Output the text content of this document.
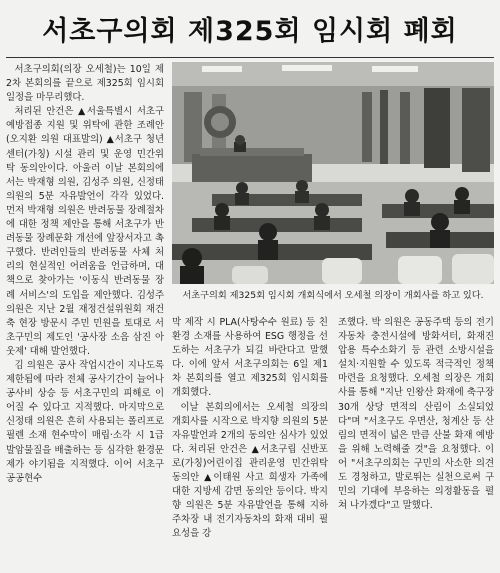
서초구의회 제325회 임시회 폐회

서초구의회(의장 오세철)는 10일 제2차 본회의를 끝으로 제325회 임시회 일정을 마무리했다.

처리된 안건은 ▲서울특별시 서초구 예방접종 지원 및 위탁에 관한 조례안(오지환 의원 대표발의) ▲서초구 청년센터(가칭) 시설 관리 및 운영 민간위탁 동의안이다. 아울러 이날 본회의에서는 박재형 의원, 김성주 의원, 신정태 의원의 5분 자유발언이 각각 있었다. 먼저 박재형 의원은 반려동물 장례절차에 대한 정책 제안을 통해 서초구가 반려동물 장례문화 개선에 앞장서자고 촉구했다. 반려인들의 반려동물 사체 처리의 현실적인 어려움을 언급하며, 대책으로 찾아가는 '이동식 반려동물 장례 서비스'의 도입을 제안했다. 김성주 의원은 지난 2월 재정건설위원회 재건축 현장 방문시 주민 민원을 토대로 서초구민의 제도인 '공사장 소음 삼진 아웃제' 대해 발언했다.

김 의원은 공사 작업시간이 지나도록 제한됨에 따라 전체 공사기간이 늘어나 공사비 상승 등 서초구민의 피해로 이어질 수 있다고 지적했다. 마지막으로 신정태 의원은 흔히 사용되는 폴리프로필렌 소재 현수막이 매립·소각 시 1급 발암물질을 배출하는 등 심각한 환경문제가 야기됨을 지적했다. 이어 서초구 공공현수

서초구의회 제325회 임시회 개회식에서 오세철 의장이 개회사를 하고 있다.

막 제작 시 PLA(사탕수수 원료) 등 친환경 소재를 사용하여 ESG 행정을 선도하는 서초구가 되길 바란다고 말했다. 이에 앞서 서초구의회는 6일 제1차 본회의를 열고 제325회 임시회를 개회했다.

이날 본회의에서는 오세철 의장의 개회사를 시작으로 박지향 의원의 5분 자유발언과 2개의 동의안 심사가 있었다. 처리된 안건은 ▲서초구립 신반포로(가칭)어린이집 관리운영 민간위탁 동의안 ▲이태원 사고 희생자 가족에 대한 지방세 감면 동의안 등이다. 박지향 의원은 5분 자유발언을 통해 지하주차장 내 전기자동차의 화재 대비 필요성을 강

조했다. 박 의원은 공동주택 등의 전기자동차 충전시설에 방화셔터, 화재진압용 특수소화기 등 관련 소방시설을 설치·지원할 수 있도록 적극적인 정책 마련을 요청했다. 오세철 의장은 개회사를 통해 "지난 인왕산 화재에 축구장 30개 상당 면적의 산림이 소실되었다"며 "서초구도 우면산, 청계산 등 산림의 면적이 넓은 만큼 산불 화재 예방을 위해 노력해줄 것"을 요청했다. 이어 "서초구의회는 구민의 사소한 의견도 경청하고, 발로뛰는 실천으로써 구민의 기대에 부응하는 의정활동을 펼쳐 나가겠다"고 말했다.
